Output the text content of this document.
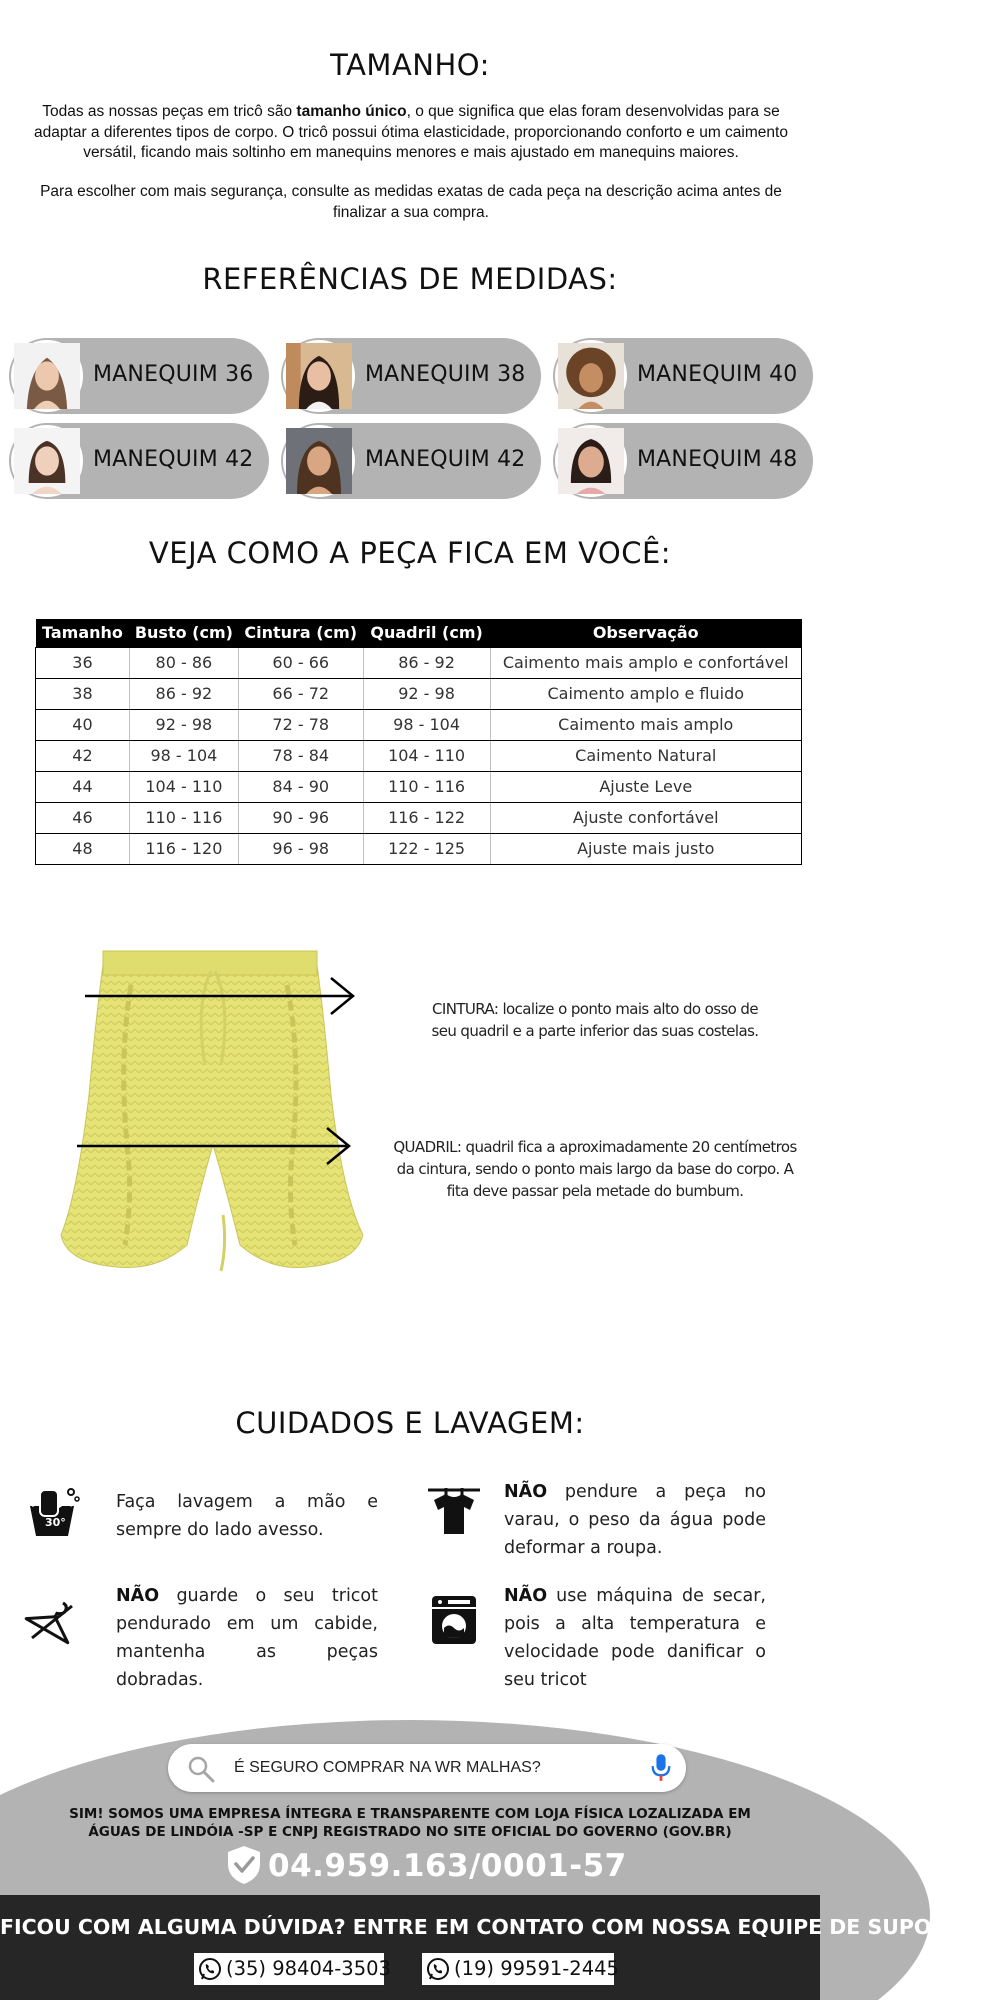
TAMANHO:

Todas as nossas peças em tricô são tamanho único, o que significa que elas foram desenvolvidas para se adaptar a diferentes tipos de corpo. O tricô possui ótima elasticidade, proporcionando conforto e um caimento versátil, ficando mais soltinho em manequins menores e mais ajustado em manequins maiores.

Para escolher com mais segurança, consulte as medidas exatas de cada peça na descrição acima antes de finalizar a sua compra.

REFERÊNCIAS DE MEDIDAS:
MANEQUIM 36	MANEQUIM 38	MANEQUIM 40
MANEQUIM 42	MANEQUIM 42	MANEQUIM 48
VEJA COMO A PEÇA FICA EM VOCÊ:
Tamanho	Busto (cm)	Cintura (cm)	Quadril (cm)	Observação
36	80 - 86	60 - 66	86 - 92	Caimento mais amplo e confortável
38	86 - 92	66 - 72	92 - 98	Caimento amplo e fluido
40	92 - 98	72 - 78	98 - 104	Caimento mais amplo
42	98 - 104	78 - 84	104 - 110	Caimento Natural
44	104 - 110	84 - 90	110 - 116	Ajuste Leve
46	110 - 116	90 - 96	116 - 122	Ajuste confortável
48	116 - 120	96 - 98	122 - 125	Ajuste mais justo

CINTURA: localize o ponto mais alto do osso de seu quadril e a parte inferior das suas costelas.

QUADRIL: quadril fica a aproximadamente 20 centímetros da cintura, sendo o ponto mais largo da base do corpo. A fita deve passar pela metade do bumbum.

CUIDADOS E LAVAGEM:
30°

Faça lavagem a mão e sempre do lado avesso.

NÃO pendure a peça no varau, o peso da água pode deformar a roupa.

NÃO guarde o seu tricot pendurado em um cabide, mantenha as peças dobradas.

NÃO use máquina de secar, pois a alta temperatura e velocidade pode danificar o seu tricot

É SEGURO COMPRAR NA WR MALHAS?

SIM! SOMOS UMA EMPRESA ÍNTEGRA E TRANSPARENTE COM LOJA FÍSICA LOZALIZADA EM

ÁGUAS DE LINDÓIA -SP E CNPJ REGISTRADO NO SITE OFICIAL DO GOVERNO (GOV.BR)

04.959.163/0001-57

FICOU COM ALGUMA DÚVIDA? ENTRE EM CONTATO COM NOSSA EQUIPE DE SUPORTE!

(35) 98404-3503	(19) 99591-2445
